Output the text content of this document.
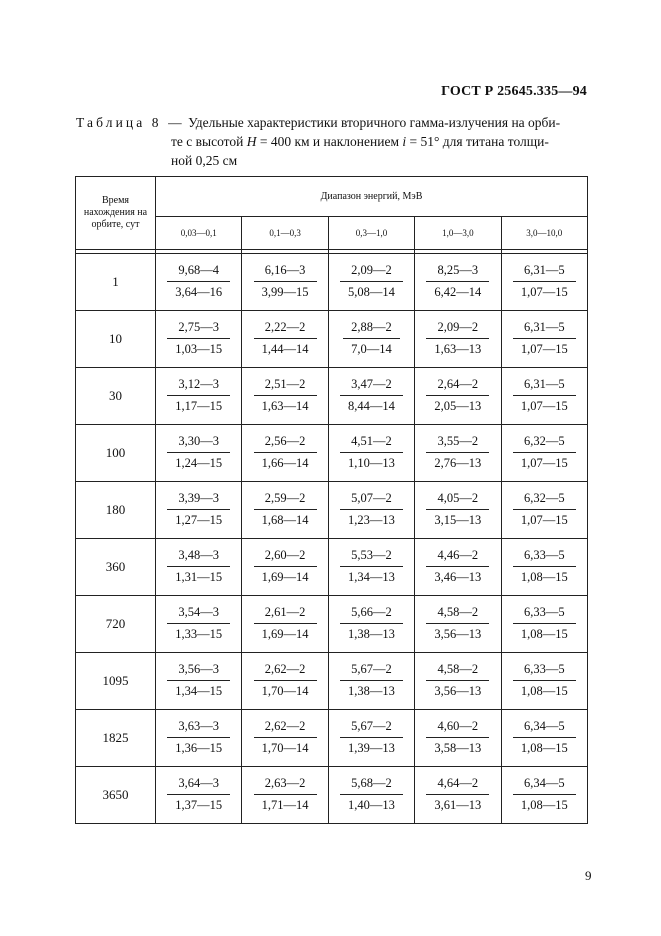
ГОСТ Р 25645.335—94
Таблица 8 — Удельные характеристики вторичного гамма-излучения на орби-
те с высотой H = 400 км и наклонением i = 51° для титана толщи-
ной 0,25 см
Время нахождения на орбите, сут	Диапазон энергий, МэВ				
	0,03—0,1	0,1—0,3	0,3—1,0	1,0—3,0	3,0—10,0

1	$\frac{9,68—4}{3,64—16}$	$\frac{6,16—3}{3,99—15}$	$\frac{2,09—2}{5,08—14}$	$\frac{8,25—3}{6,42—14}$	$\frac{6,31—5}{1,07—15}$

10	$\frac{2,75—3}{1,03—15}$	$\frac{2,22—2}{1,44—14}$	$\frac{2,88—2}{7,0—14}$	$\frac{2,09—2}{1,63—13}$	$\frac{6,31—5}{1,07—15}$

30	$\frac{3,12—3}{1,17—15}$	$\frac{2,51—2}{1,63—14}$	$\frac{3,47—2}{8,44—14}$	$\frac{2,64—2}{2,05—13}$	$\frac{6,31—5}{1,07—15}$

100	$\frac{3,30—3}{1,24—15}$	$\frac{2,56—2}{1,66—14}$	$\frac{4,51—2}{1,10—13}$	$\frac{3,55—2}{2,76—13}$	$\frac{6,32—5}{1,07—15}$

180	$\frac{3,39—3}{1,27—15}$	$\frac{2,59—2}{1,68—14}$	$\frac{5,07—2}{1,23—13}$	$\frac{4,05—2}{3,15—13}$	$\frac{6,32—5}{1,07—15}$

360	$\frac{3,48—3}{1,31—15}$	$\frac{2,60—2}{1,69—14}$	$\frac{5,53—2}{1,34—13}$	$\frac{4,46—2}{3,46—13}$	$\frac{6,33—5}{1,08—15}$

720	$\frac{3,54—3}{1,33—15}$	$\frac{2,61—2}{1,69—14}$	$\frac{5,66—2}{1,38—13}$	$\frac{4,58—2}{3,56—13}$	$\frac{6,33—5}{1,08—15}$

1095	$\frac{3,56—3}{1,34—15}$	$\frac{2,62—2}{1,70—14}$	$\frac{5,67—2}{1,38—13}$	$\frac{4,58—2}{3,56—13}$	$\frac{6,33—5}{1,08—15}$

1825	$\frac{3,63—3}{1,36—15}$	$\frac{2,62—2}{1,70—14}$	$\frac{5,67—2}{1,39—13}$	$\frac{4,60—2}{3,58—13}$	$\frac{6,34—5}{1,08—15}$

3650	$\frac{3,64—3}{1,37—15}$	$\frac{2,63—2}{1,71—14}$	$\frac{5,68—2}{1,40—13}$	$\frac{4,64—2}{3,61—13}$	$\frac{6,34—5}{1,08—15}$
9
